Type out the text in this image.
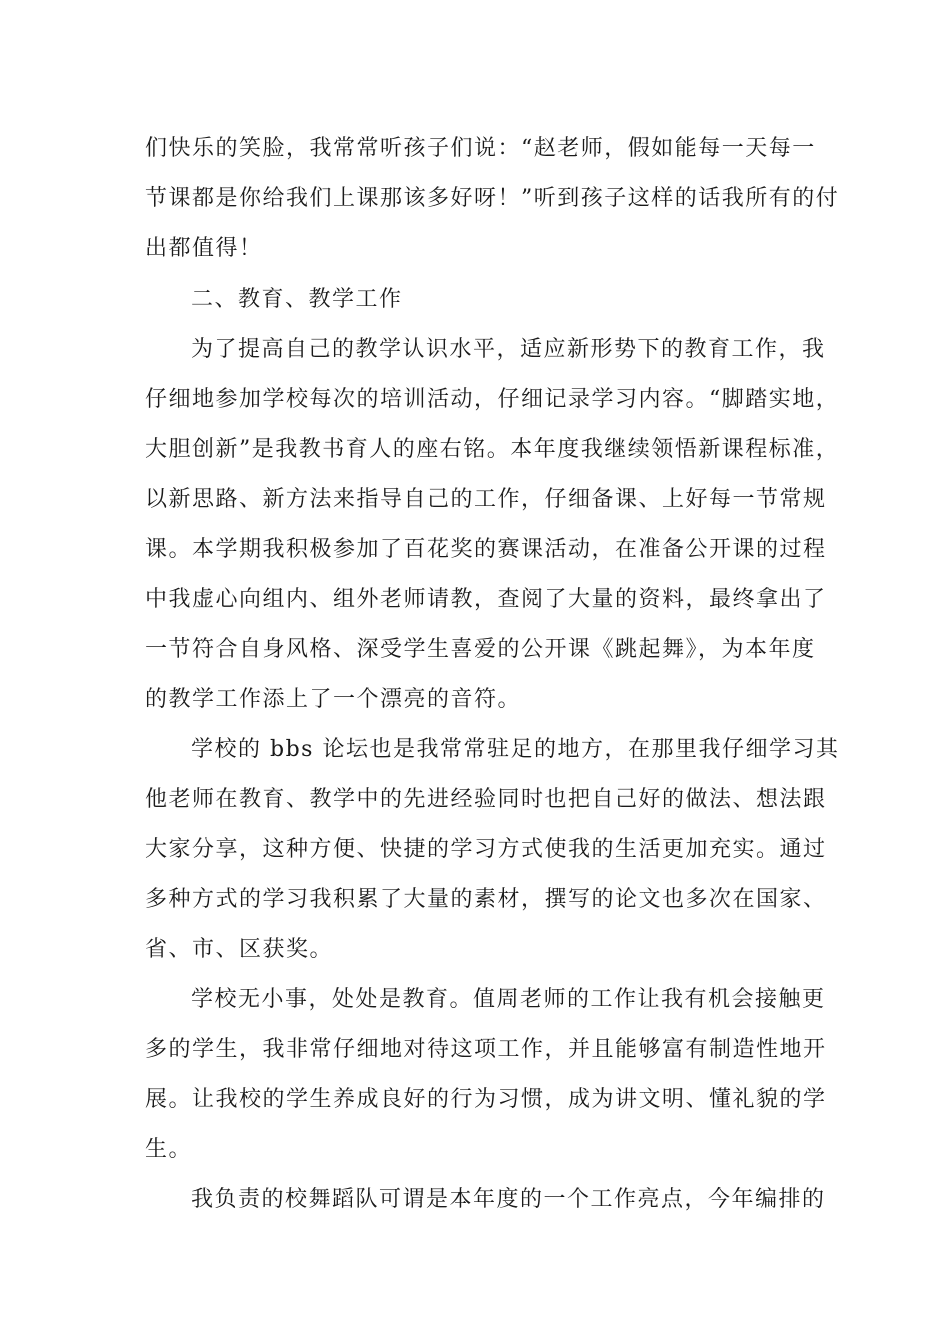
们快乐的笑脸，我常常听孩子们说：“赵老师，假如能每一天每一
节课都是你给我们上课那该多好呀！”听到孩子这样的话我所有的付
出都值得！
二、教育、教学工作
为了提高自己的教学认识水平，适应新形势下的教育工作，我
仔细地参加学校每次的培训活动，仔细记录学习内容。“脚踏实地，
大胆创新”是我教书育人的座右铭。本年度我继续领悟新课程标准，
以新思路、新方法来指导自己的工作，仔细备课、上好每一节常规
课。本学期我积极参加了百花奖的赛课活动，在准备公开课的过程
中我虚心向组内、组外老师请教，查阅了大量的资料，最终拿出了
一节符合自身风格、深受学生喜爱的公开课《跳起舞》，为本年度
的教学工作添上了一个漂亮的音符。
学校的 bbs 论坛也是我常常驻足的地方，在那里我仔细学习其
他老师在教育、教学中的先进经验同时也把自己好的做法、想法跟
大家分享，这种方便、快捷的学习方式使我的生活更加充实。通过
多种方式的学习我积累了大量的素材，撰写的论文也多次在国家、
省、市、区获奖。
学校无小事，处处是教育。值周老师的工作让我有机会接触更
多的学生，我非常仔细地对待这项工作，并且能够富有制造性地开
展。让我校的学生养成良好的行为习惯，成为讲文明、懂礼貌的学
生。
我负责的校舞蹈队可谓是本年度的一个工作亮点，今年编排的
